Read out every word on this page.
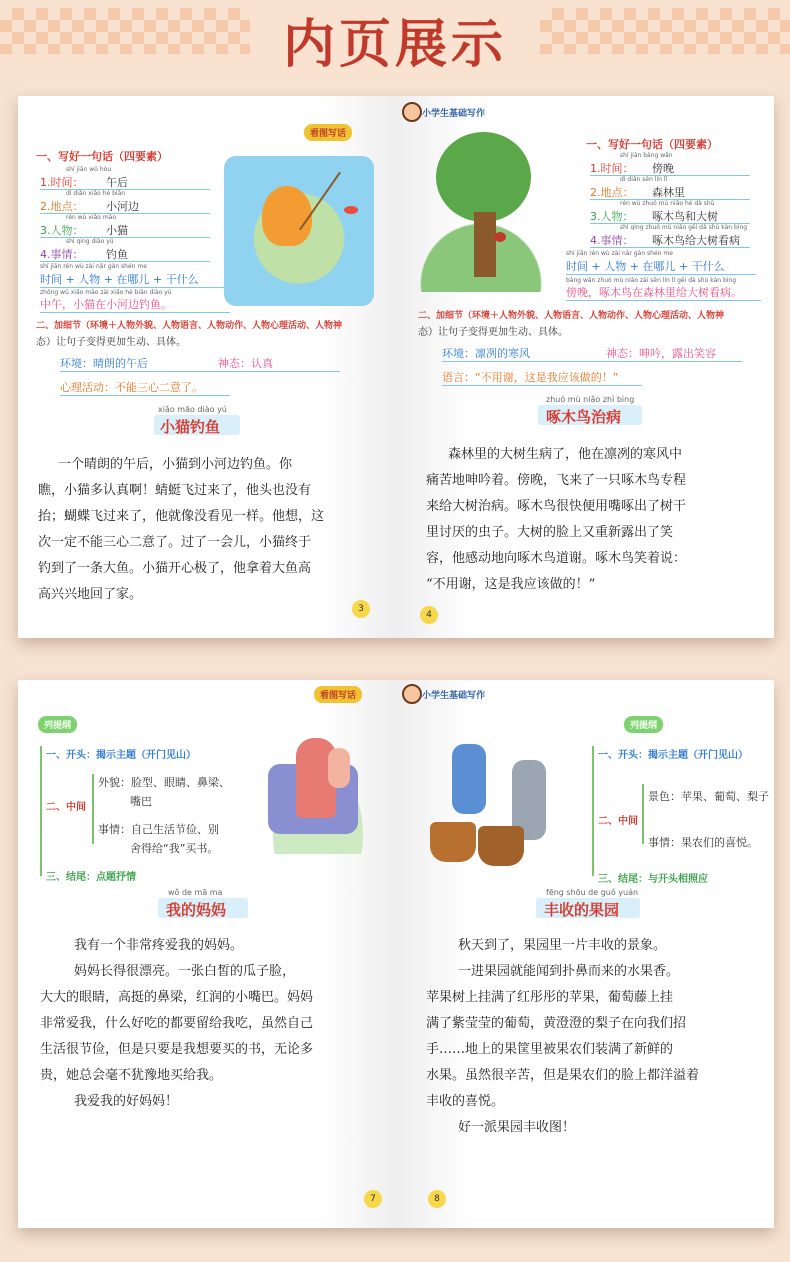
内页展示
看图写话
一、写好一句话（四要素）
shí jiān wǔ hòu
1.时间： 午后
dì diǎn xiǎo hé biān
2.地点： 小河边
rén wù xiǎo māo
3.人物： 小猫
shì qing diào yú
4.事情： 钓鱼
shí jiān rén wù zài nǎr gàn shén me
时间 + 人物 + 在哪儿 + 干什么
zhōng wǔ xiǎo māo zài xiǎo hé biān diào yú
中午，小猫在小河边钓鱼。
二、加细节（环境＋人物外貌、人物语言、人物动作、人物心理活动、人物神
态）让句子变得更加生动、具体。
环境：晴朗的午后	神态：认真
心理活动：不能三心二意了。
xiǎo māo diào yú
小猫钓鱼
一个晴朗的午后，小猫到小河边钓鱼。你
瞧，小猫多认真啊！蜻蜓飞过来了，他头也没有
抬；蝴蝶飞过来了，他就像没看见一样。他想，这
次一定不能三心二意了。过了一会儿，小猫终于
钓到了一条大鱼。小猫开心极了，他拿着大鱼高
高兴兴地回了家。
3
小学生基础写作
一、写好一句话（四要素）
shí jiān bàng wǎn
1.时间： 傍晚
dì diǎn sēn lín lǐ
2.地点： 森林里
rén wù zhuó mù niǎo hé dà shù
3.人物： 啄木鸟和大树
shì qing zhuó mù niǎo gěi dà shù kàn bìng
4.事情： 啄木鸟给大树看病
shí jiān rén wù zài nǎr gàn shén me
时间 + 人物 + 在哪儿 + 干什么
bàng wǎn zhuó mù niǎo zài sēn lín lǐ gěi dà shù kàn bìng
傍晚，啄木鸟在森林里给大树看病。
二、加细节（环境＋人物外貌、人物语言、人物动作、人物心理活动、人物神
态）让句子变得更加生动、具体。
环境：凛冽的寒风	神态：呻吟，露出笑容
语言：“不用谢，这是我应该做的！”
zhuó mù niǎo zhì bìng
啄木鸟治病
森林里的大树生病了，他在凛冽的寒风中
痛苦地呻吟着。傍晚，飞来了一只啄木鸟专程
来给大树治病。啄木鸟很快便用嘴啄出了树干
里讨厌的虫子。大树的脸上又重新露出了笑
容，他感动地向啄木鸟道谢。啄木鸟笑着说：
“不用谢，这是我应该做的！”
4
看图写话
列提纲
一、开头：揭示主题（开门见山）
二、中间
外貌：脸型、眼睛、鼻梁、
嘴巴
事情：自己生活节俭、别
舍得给“我”买书。
三、结尾：点题抒情
wǒ de mā ma
我的妈妈
我有一个非常疼爱我的妈妈。
妈妈长得很漂亮。一张白皙的瓜子脸，
大大的眼睛，高挺的鼻梁，红润的小嘴巴。妈妈
非常爱我，什么好吃的都要留给我吃，虽然自己
生活很节俭，但是只要是我想要买的书，无论多
贵，她总会毫不犹豫地买给我。
我爱我的好妈妈！
7
小学生基础写作
列提纲
一、开头：揭示主题（开门见山）
二、中间
景色：苹果、葡萄、梨子
事情：果农们的喜悦。
三、结尾：与开头相照应
fēng shōu de guǒ yuán
丰收的果园
秋天到了，果园里一片丰收的景象。
一进果园就能闻到扑鼻而来的水果香。
苹果树上挂满了红彤彤的苹果，葡萄藤上挂
满了紫莹莹的葡萄，黄澄澄的梨子在向我们招
手……地上的果筐里被果农们装满了新鲜的
水果。虽然很辛苦，但是果农们的脸上都洋溢着
丰收的喜悦。
好一派果园丰收图！
8
